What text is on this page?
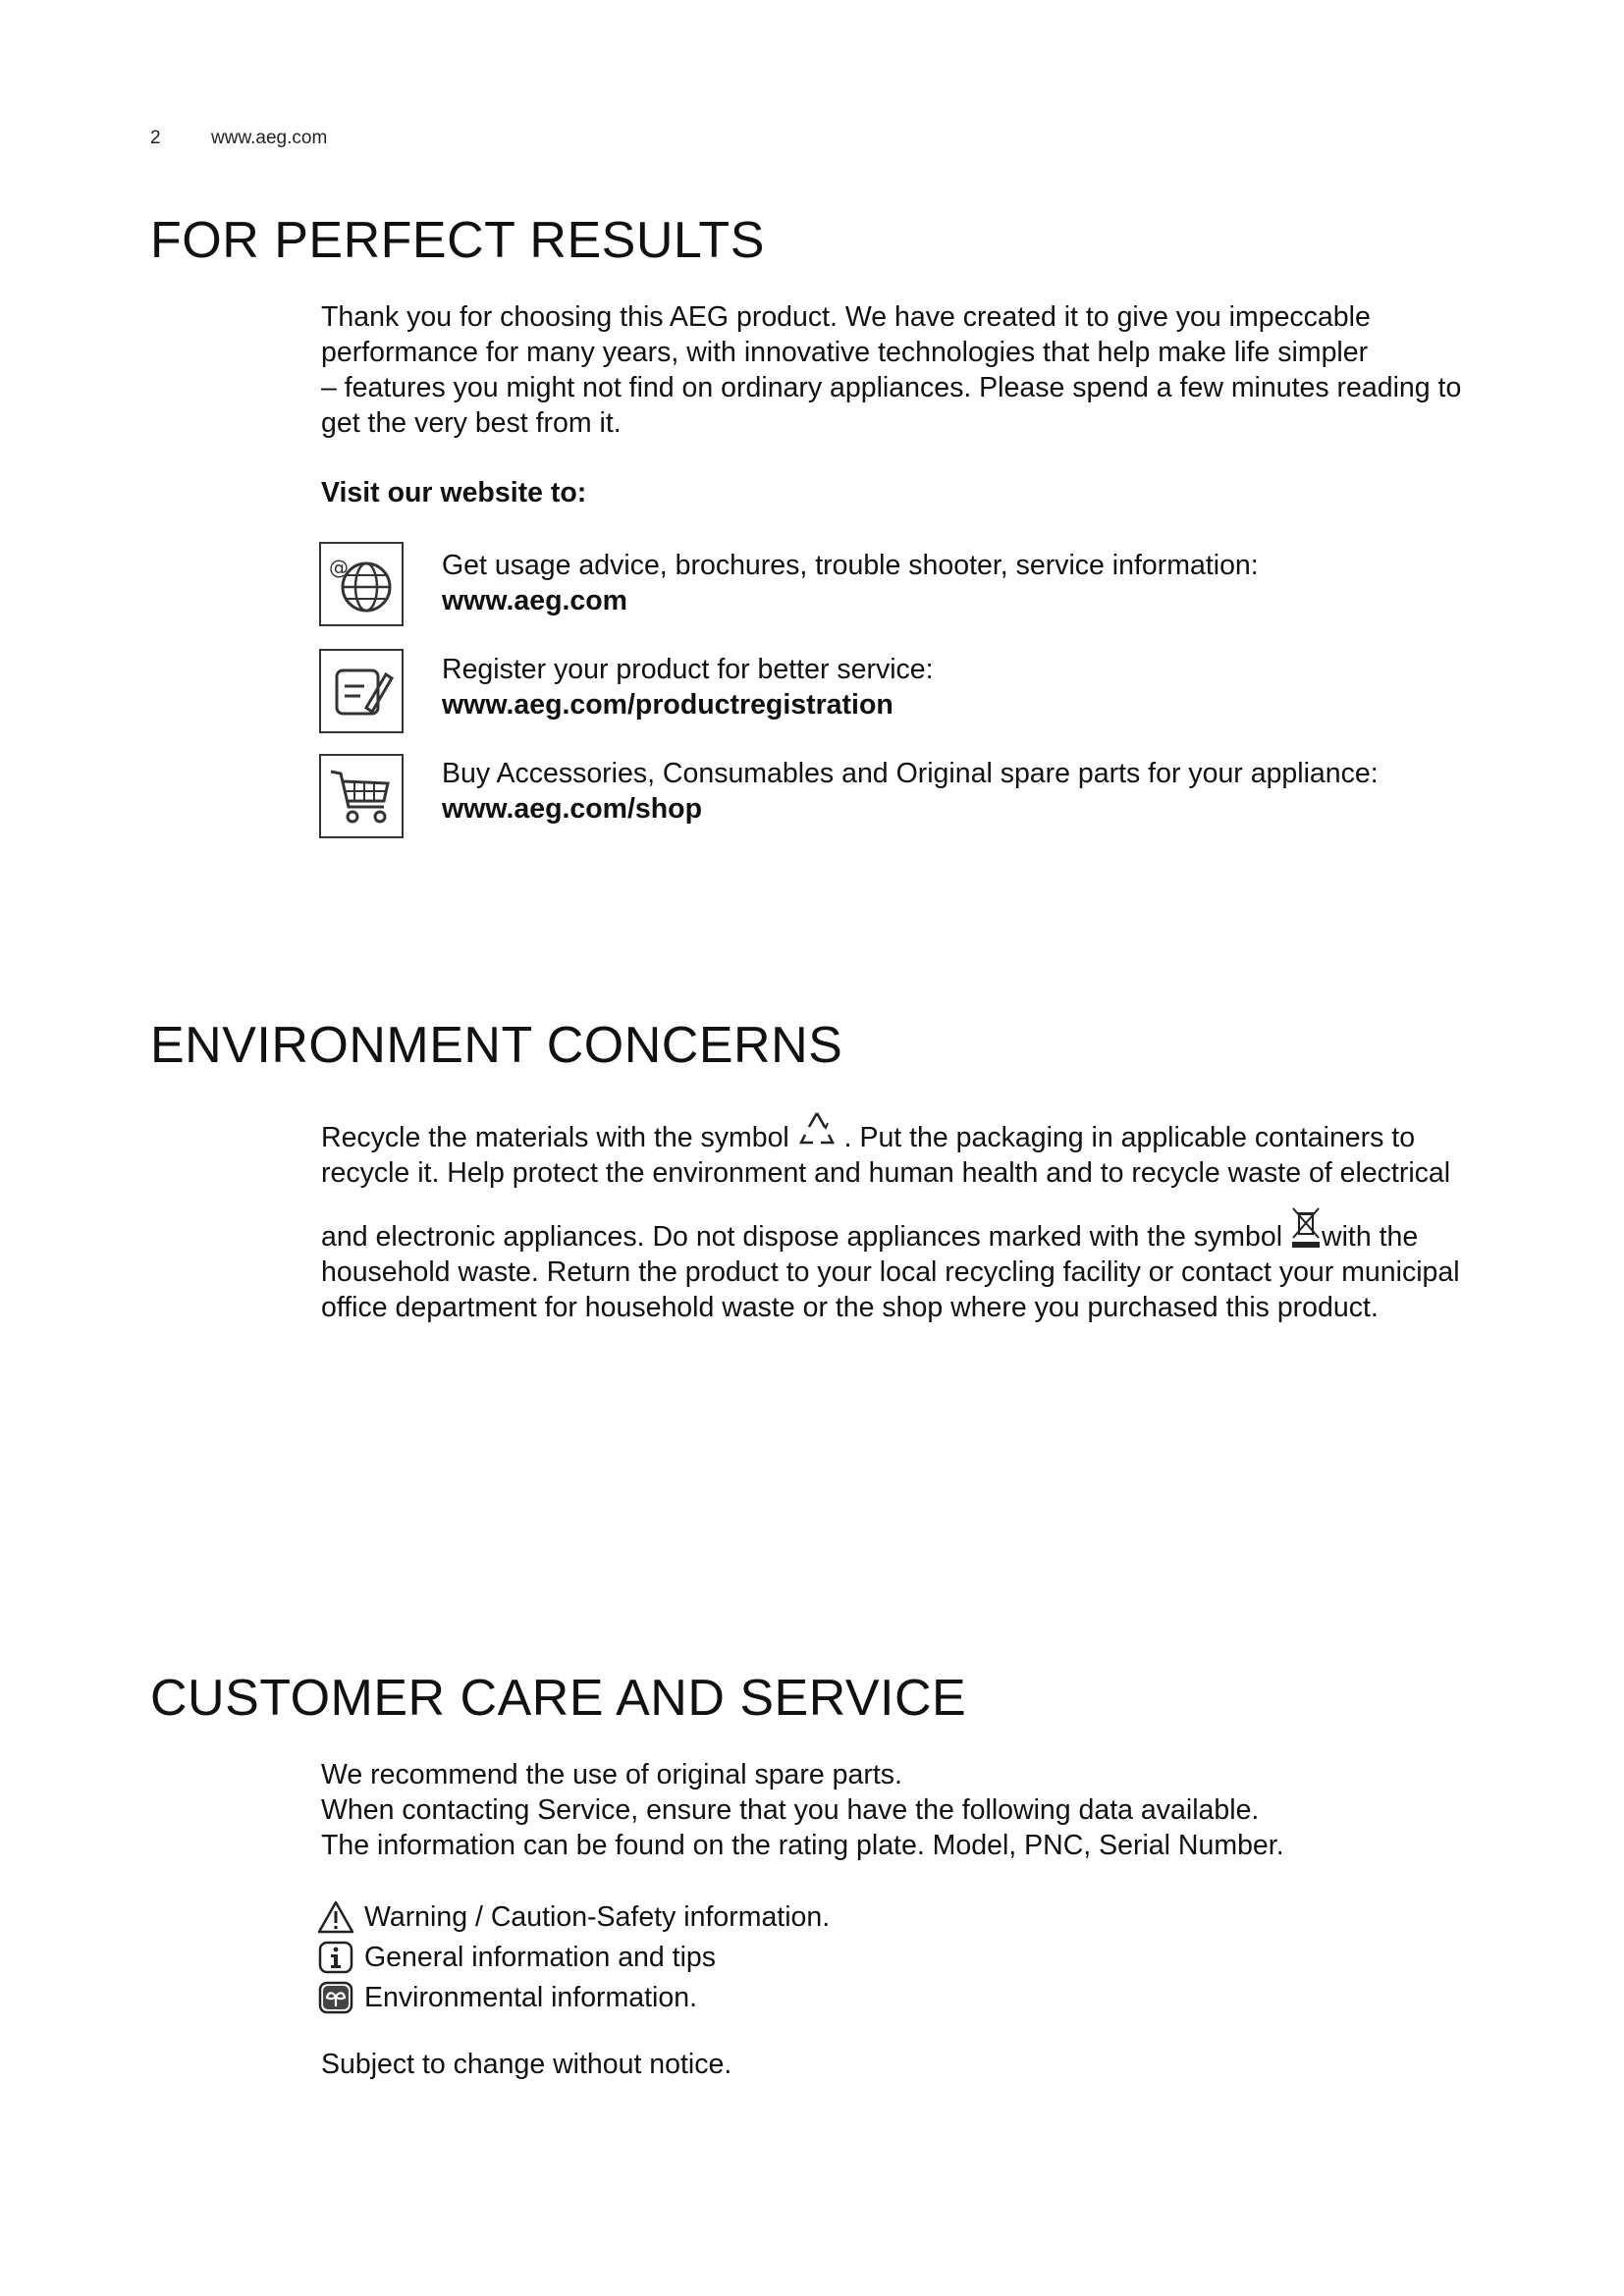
2	www.aeg.com
FOR PERFECT RESULTS

Thank you for choosing this AEG product. We have created it to give you impeccable

performance for many years, with innovative technologies that help make life simpler

– features you might not find on ordinary appliances. Please spend a few minutes reading to

get the very best from it.

Visit our website to:
@	Get usage advice, brochures, trouble shooter, service information:
www.aeg.com
Register your product for better service:
www.aeg.com/productregistration
Buy Accessories, Consumables and Original spare parts for your appliance:
www.aeg.com/shop
ENVIRONMENT CONCERNS

Recycle the materials with the symbol . Put the packaging in applicable containers to

recycle it. Help protect the environment and human health and to recycle waste of electrical

and electronic appliances. Do not dispose appliances marked with the symbol with the

household waste. Return the product to your local recycling facility or contact your municipal

office department for household waste or the shop where you purchased this product.

CUSTOMER CARE AND SERVICE

We recommend the use of original spare parts.

When contacting Service, ensure that you have the following data available.

The information can be found on the rating plate. Model, PNC, Serial Number.

Warning / Caution-Safety information.
General information and tips
Environmental information.
Subject to change without notice.
